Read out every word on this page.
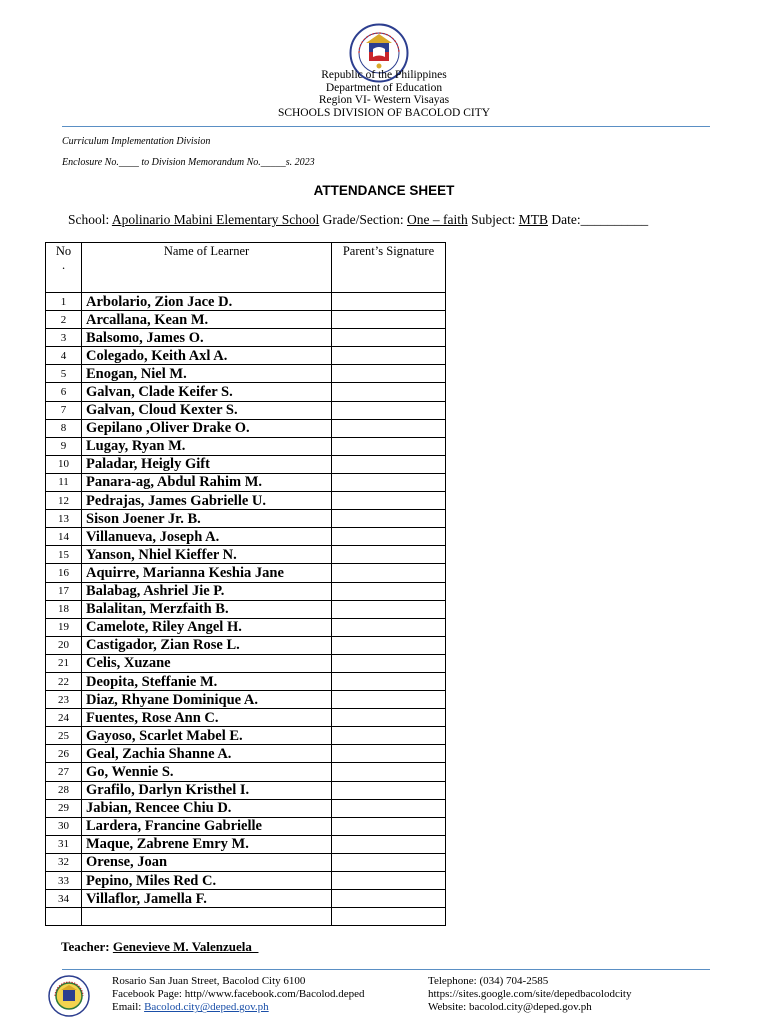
Republic of the Philippines
Department of Education
Region VI- Western Visayas
SCHOOLS DIVISION OF BACOLOD CITY
Curriculum Implementation Division
Enclosure No.____ to Division Memorandum No._____s. 2023
ATTENDANCE SHEET
School: Apolinario Mabini Elementary School Grade/Section: One – faith Subject: MTB Date:__________
No
.	Name of Learner	Parent’s Signature
1	Arbolario, Zion Jace D.	
2	Arcallana, Kean M.	
3	Balsomo, James O.	
4	Colegado, Keith Axl A.	
5	Enogan, Niel M.	
6	Galvan, Clade Keifer S.	
7	Galvan, Cloud Kexter S.	
8	Gepilano ,Oliver Drake O.	
9	Lugay, Ryan M.	
10	Paladar, Heigly Gift	
11	Panara-ag, Abdul Rahim M.	
12	Pedrajas, James Gabrielle U.	
13	Sison Joener Jr. B.	
14	Villanueva, Joseph A.	
15	Yanson, Nhiel Kieffer N.	
16	Aquirre, Marianna Keshia Jane	
17	Balabag, Ashriel Jie P.	
18	Balalitan, Merzfaith B.	
19	Camelote, Riley Angel H.	
20	Castigador, Zian Rose L.	
21	Celis, Xuzane	
22	Deopita, Steffanie M.	
23	Diaz, Rhyane Dominique A.	
24	Fuentes, Rose Ann C.	
25	Gayoso, Scarlet Mabel E.	
26	Geal, Zachia Shanne A.	
27	Go, Wennie S.	
28	Grafilo, Darlyn Kristhel I.	
29	Jabian, Rencee Chiu D.	
30	Lardera, Francine Gabrielle	
31	Maque, Zabrene Emry M.	
32	Orense, Joan	
33	Pepino, Miles Red C.	
34	Villaflor, Jamella F.	

Teacher: Genevieve M. Valenzuela_
Rosario San Juan Street, Bacolod City 6100
Facebook Page: http//www.facebook.com/Bacolod.deped
Email: Bacolod.city@deped.gov.ph
Telephone: (034) 704-2585
https://sites.google.com/site/depedbacolodcity
Website: bacolod.city@deped.gov.ph
